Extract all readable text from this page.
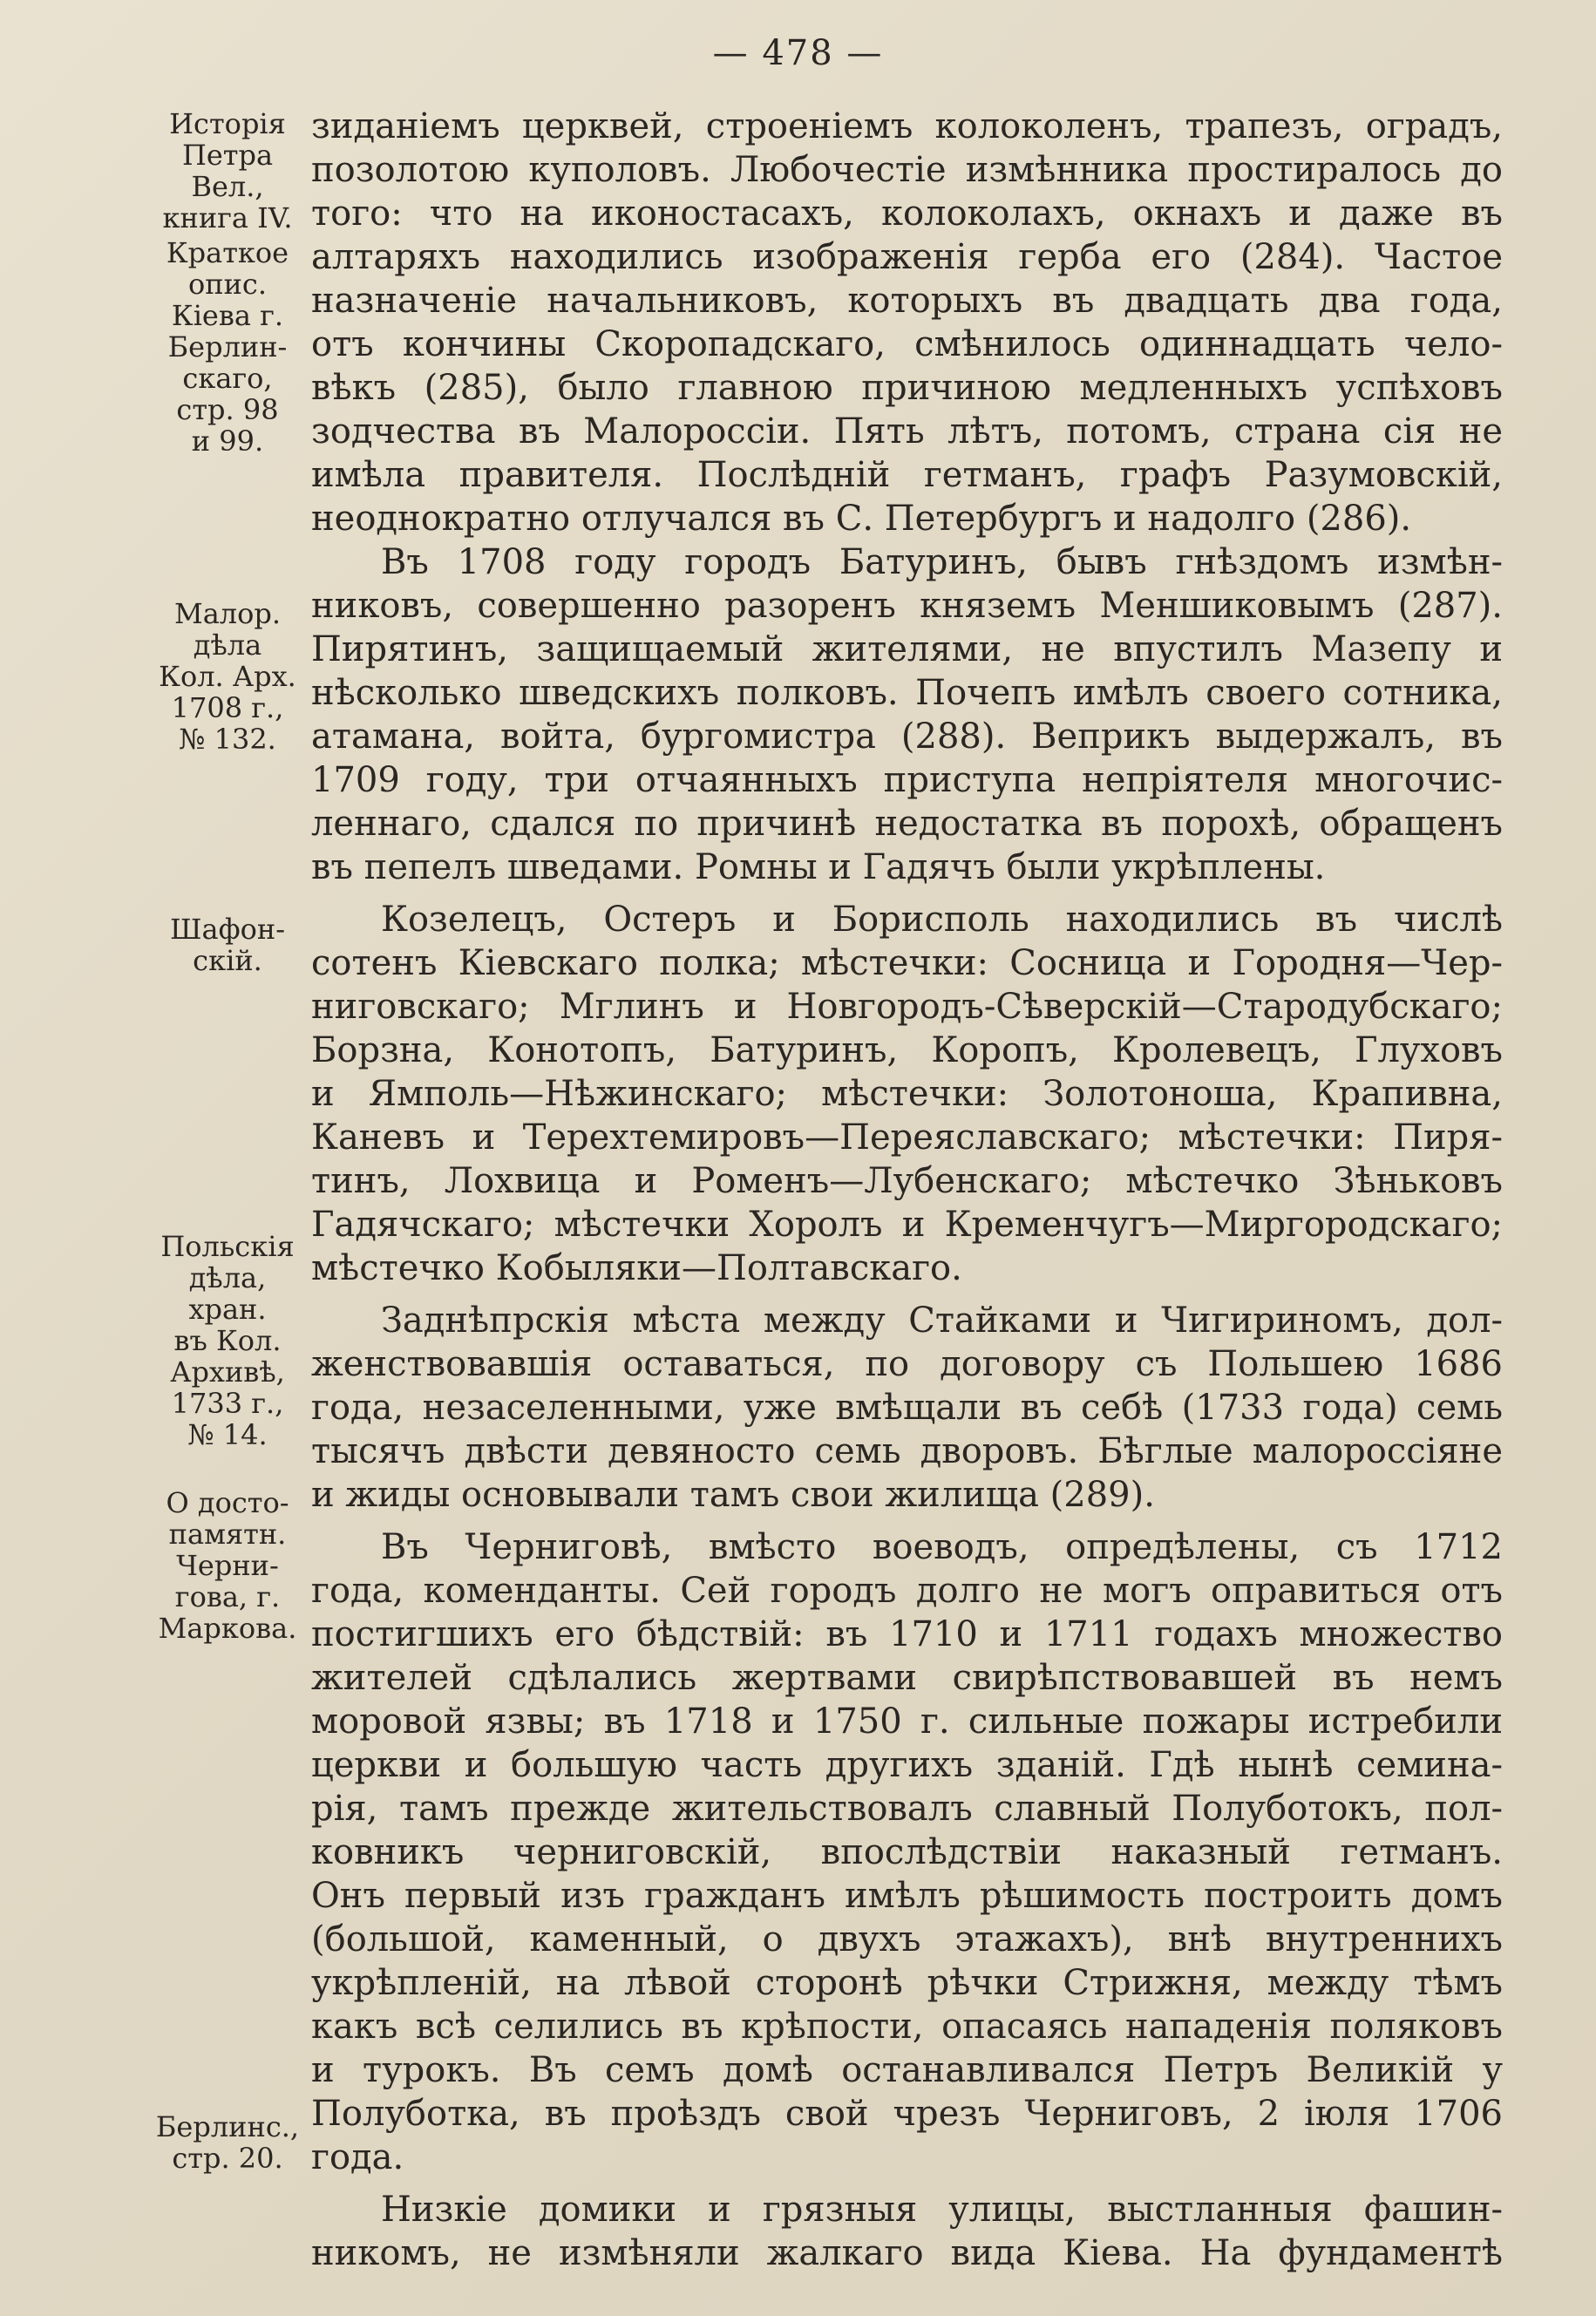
— 478 —
Исторія
Петра
Вел.,
книга IV.
Краткое
опис.
Кіева г.
Берлин-
скаго,
стр. 98
и 99.
Малор.
дѣла
Кол. Арх.
1708 г.,
№ 132.
Шафон-
скій.
Польскія
дѣла,
хран.
въ Кол.
Архивѣ,
1733 г.,
№ 14.
О досто-
памятн.
Черни-
гова, г.
Маркова.
Берлинс.,
стр. 20.
зиданіемъ церквей, строеніемъ колоколенъ, трапезъ, оградъ,
позолотою куполовъ. Любочестіе измѣнника простиралось до
того: что на иконостасахъ, колоколахъ, окнахъ и даже въ
алтаряхъ находились изображенія герба его (284). Частое
назначеніе начальниковъ, которыхъ въ двадцать два года,
отъ кончины Скоропадскаго, смѣнилось одиннадцать чело-
вѣкъ (285), было главною причиною медленныхъ успѣховъ
зодчества въ Малороссіи. Пять лѣтъ, потомъ, страна сія не
имѣла правителя. Послѣдній гетманъ, графъ Разумовскій,
неоднократно отлучался въ С. Петербургъ и надолго (286).
Въ 1708 году городъ Батуринъ, бывъ гнѣздомъ измѣн-
никовъ, совершенно разоренъ княземъ Меншиковымъ (287).
Пирятинъ, защищаемый жителями, не впустилъ Мазепу и
нѣсколько шведскихъ полковъ. Почепъ имѣлъ своего сотника,
атамана, войта, бургомистра (288). Веприкъ выдержалъ, въ
1709 году, три отчаянныхъ приступа непріятеля многочис-
леннаго, сдался по причинѣ недостатка въ порохѣ, обращенъ
въ пепелъ шведами. Ромны и Гадячъ были укрѣплены.
Козелецъ, Остеръ и Борисполь находились въ числѣ
сотенъ Кіевскаго полка; мѣстечки: Сосница и Городня—Чер-
ниговскаго; Мглинъ и Новгородъ-Сѣверскій—Стародубскаго;
Борзна, Конотопъ, Батуринъ, Коропъ, Кролевецъ, Глуховъ
и Ямполь—Нѣжинскаго; мѣстечки: Золотоноша, Крапивна,
Каневъ и Терехтемировъ—Переяславскаго; мѣстечки: Пиря-
тинъ, Лохвица и Роменъ—Лубенскаго; мѣстечко Зѣньковъ
Гадячскаго; мѣстечки Хоролъ и Кременчугъ—Миргородскаго;
мѣстечко Кобыляки—Полтавскаго.
Заднѣпрскія мѣста между Стайками и Чигириномъ, дол-
женствовавшія оставаться, по договору съ Польшею 1686
года, незаселенными, уже вмѣщали въ себѣ (1733 года) семь
тысячъ двѣсти девяносто семь дворовъ. Бѣглые малороссіяне
и жиды основывали тамъ свои жилища (289).
Въ Черниговѣ, вмѣсто воеводъ, опредѣлены, съ 1712
года, коменданты. Сей городъ долго не могъ оправиться отъ
постигшихъ его бѣдствій: въ 1710 и 1711 годахъ множество
жителей сдѣлались жертвами свирѣпствовавшей въ немъ
моровой язвы; въ 1718 и 1750 г. сильные пожары истребили
церкви и большую часть другихъ зданій. Гдѣ нынѣ семина-
рія, тамъ прежде жительствовалъ славный Полуботокъ, пол-
ковникъ черниговскій, впослѣдствіи наказный гетманъ.
Онъ первый изъ гражданъ имѣлъ рѣшимость построить домъ
(большой, каменный, о двухъ этажахъ), внѣ внутреннихъ
укрѣпленій, на лѣвой сторонѣ рѣчки Стрижня, между тѣмъ
какъ всѣ селились въ крѣпости, опасаясь нападенія поляковъ
и турокъ. Въ семъ домѣ останавливался Петръ Великій у
Полуботка, въ проѣздъ свой чрезъ Черниговъ, 2 іюля 1706
года.
Низкіе домики и грязныя улицы, выстланныя фашин-
никомъ, не измѣняли жалкаго вида Кіева. На фундаментѣ
